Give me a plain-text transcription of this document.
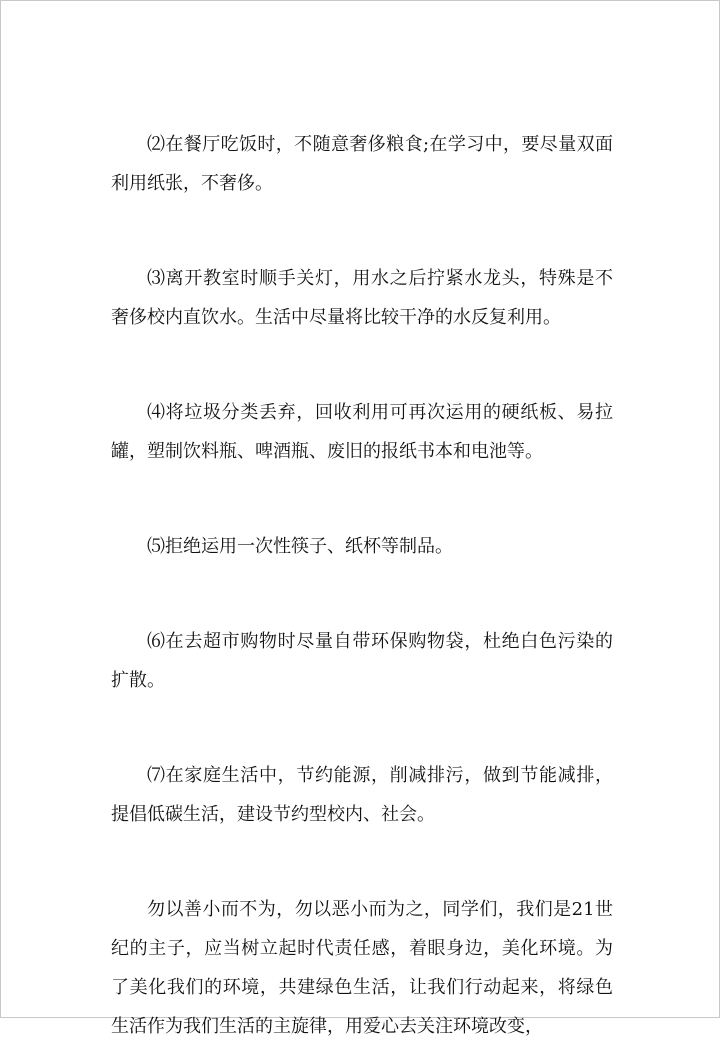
⑵在餐厅吃饭时，不随意奢侈粮食;在学习中，要尽量双面利用纸张，不奢侈。

⑶离开教室时顺手关灯，用水之后拧紧水龙头，特殊是不奢侈校内直饮水。生活中尽量将比较干净的水反复利用。

⑷将垃圾分类丢弃，回收利用可再次运用的硬纸板、易拉罐，塑制饮料瓶、啤酒瓶、废旧的报纸书本和电池等。

⑸拒绝运用一次性筷子、纸杯等制品。

⑹在去超市购物时尽量自带环保购物袋，杜绝白色污染的扩散。

⑺在家庭生活中，节约能源，削减排污，做到节能减排，提倡低碳生活，建设节约型校内、社会。

勿以善小而不为，勿以恶小而为之，同学们，我们是21世纪的主子，应当树立起时代责任感，着眼身边，美化环境。为了美化我们的环境，共建绿色生活，让我们行动起来，将绿色生活作为我们生活的主旋律，用爱心去关注环境改变，
